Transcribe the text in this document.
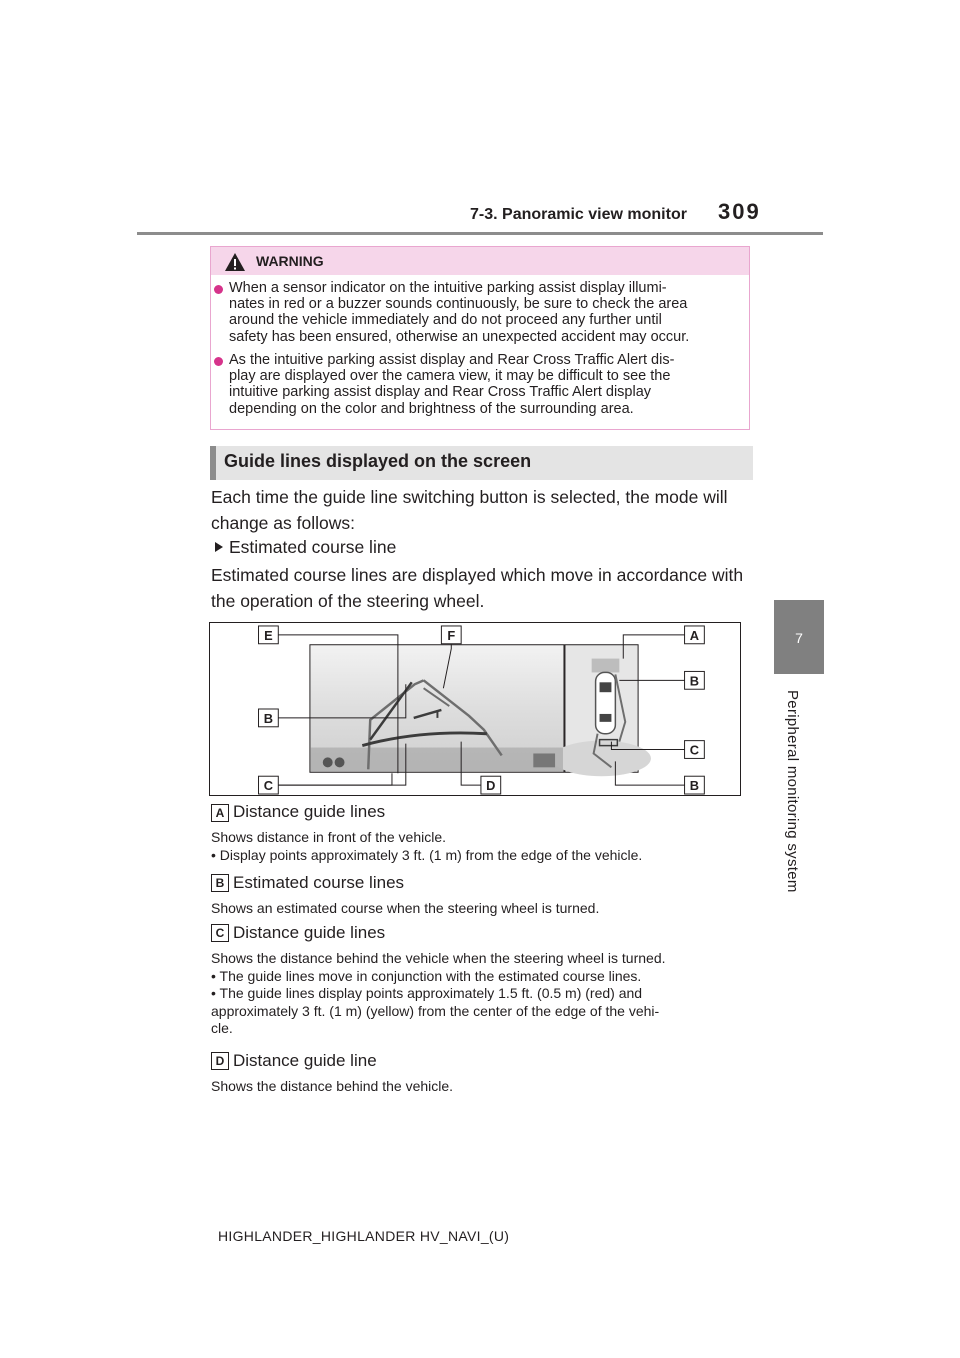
7-3. Panoramic view monitor 309
7
Peripheral monitoring system
WARNING
When a sensor indicator on the intuitive parking assist display illumi-
nates in red or a buzzer sounds continuously, be sure to check the area
around the vehicle immediately and do not proceed any further until
safety has been ensured, otherwise an unexpected accident may occur.
As the intuitive parking assist display and Rear Cross Traffic Alert dis-
play are displayed over the camera view, it may be difficult to see the
intuitive parking assist display and Rear Cross Traffic Alert display
depending on the color and brightness of the surrounding area.
Guide lines displayed on the screen
Each time the guide line switching button is selected, the mode will
change as follows:
Estimated course line
Estimated course lines are displayed which move in accordance with
the operation of the steering wheel.
E	F	A
B
B
C
C	D	B
A Distance guide lines
Shows distance in front of the vehicle.
• Display points approximately 3 ft. (1 m) from the edge of the vehicle.
B Estimated course lines
Shows an estimated course when the steering wheel is turned.
C Distance guide lines
Shows the distance behind the vehicle when the steering wheel is turned.
• The guide lines move in conjunction with the estimated course lines.
• The guide lines display points approximately 1.5 ft. (0.5 m) (red) and
approximately 3 ft. (1 m) (yellow) from the center of the edge of the vehi-
cle.
D Distance guide line
Shows the distance behind the vehicle.
HIGHLANDER_HIGHLANDER HV_NAVI_(U)
